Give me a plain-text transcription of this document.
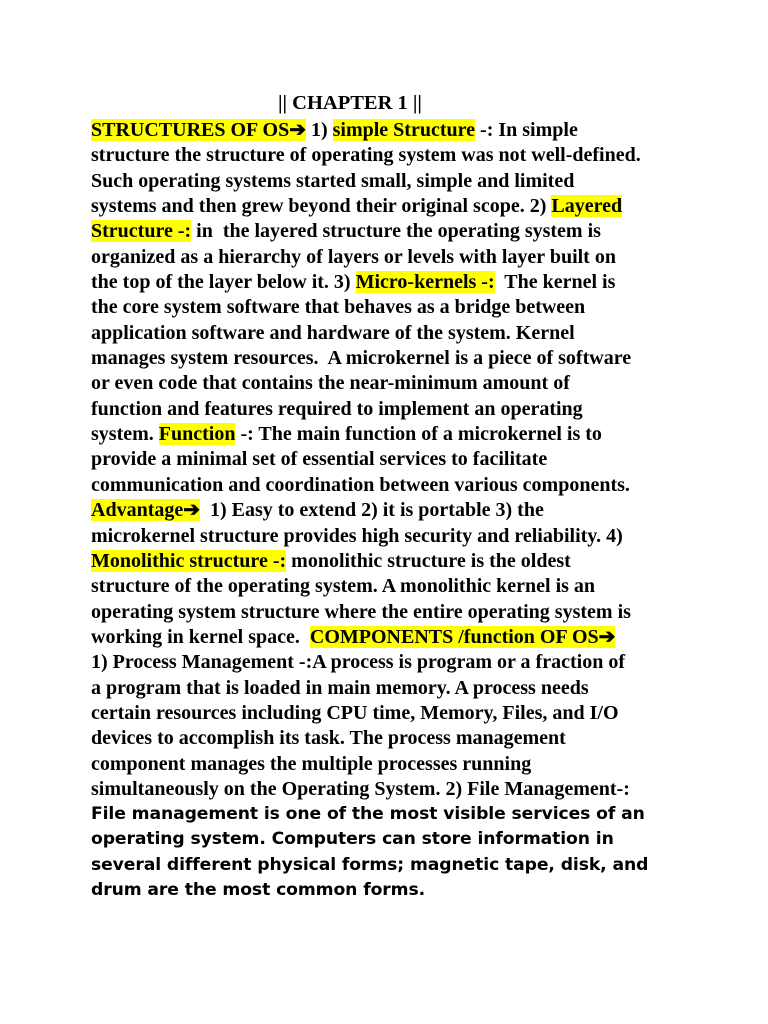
|| CHAPTER 1 ||
STRUCTURES OF OS➔ 1) simple Structure -: In simple
structure the structure of operating system was not well-defined.
Such operating systems started small, simple and limited
systems and then grew beyond their original scope. 2) Layered
Structure -: in  the layered structure the operating system is
organized as a hierarchy of layers or levels with layer built on
the top of the layer below it. 3) Micro-kernels -:  The kernel is
the core system software that behaves as a bridge between
application software and hardware of the system. Kernel
manages system resources.  A microkernel is a piece of software
or even code that contains the near-minimum amount of
function and features required to implement an operating
system. Function -: The main function of a microkernel is to
provide a minimal set of essential services to facilitate
communication and coordination between various components.
Advantage➔  1) Easy to extend 2) it is portable 3) the
microkernel structure provides high security and reliability. 4)
Monolithic structure -: monolithic structure is the oldest
structure of the operating system. A monolithic kernel is an
operating system structure where the entire operating system is
working in kernel space.  COMPONENTS /function OF OS➔
1) Process Management -:A process is program or a fraction of
a program that is loaded in main memory. A process needs
certain resources including CPU time, Memory, Files, and I/O
devices to accomplish its task. The process management
component manages the multiple processes running
simultaneously on the Operating System. 2) File Management-:
File management is one of the most visible services of an
operating system. Computers can store information in
several different physical forms; magnetic tape, disk, and
drum are the most common forms.
